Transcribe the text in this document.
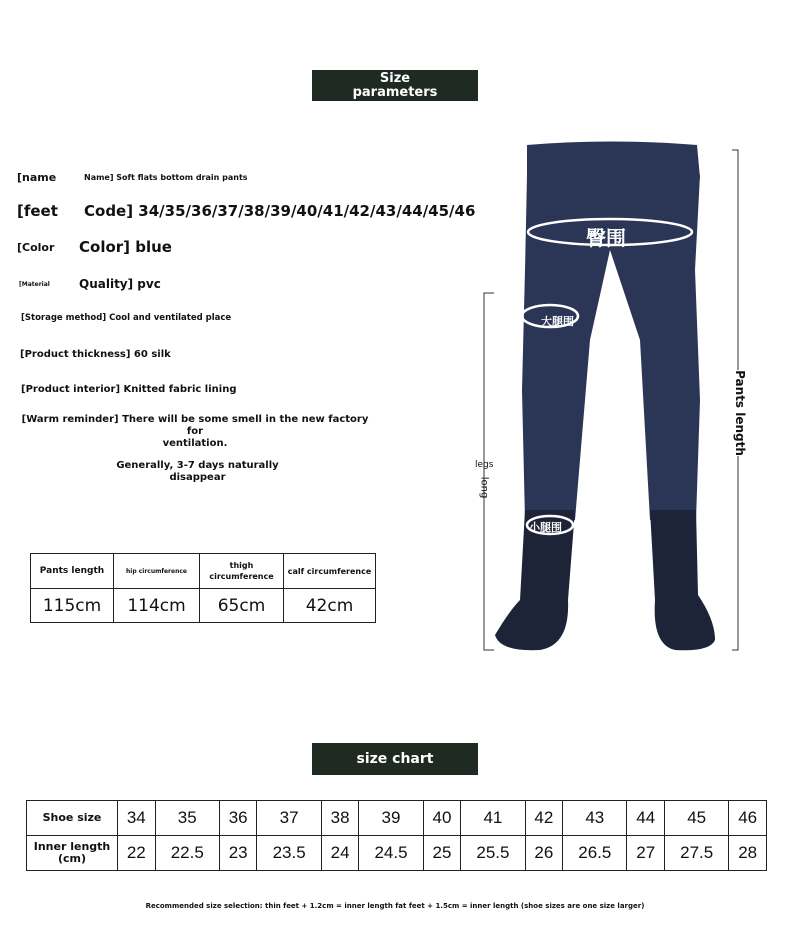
Size
parameters
[name	Name] Soft flats bottom drain pants
[feet Code] 34/35/36/37/38/39/40/41/42/43/44/45/46
[Color Color] blue
[Material Quality] pvc
[Storage method] Cool and ventilated place
[Product thickness] 60 silk
[Product interior] Knitted fabric lining
[Warm reminder] There will be some smell in the new factory for
ventilation.
Generally, 3-7 days naturally
disappear
Pants length	hip circumference	thigh circumference	calf circumference
115cm	114cm	65cm	42cm
臀围
大腿围
小腿围
Pants length
legs
long
size chart
Shoe size	34	35	36	37	38	39	40	41	42	43	44	45	46
Inner length (cm)	22	22.5	23	23.5	24	24.5	25	25.5	26	26.5	27	27.5	28
Recommended size selection: thin feet + 1.2cm = inner length fat feet + 1.5cm = inner length (shoe sizes are one size larger)
